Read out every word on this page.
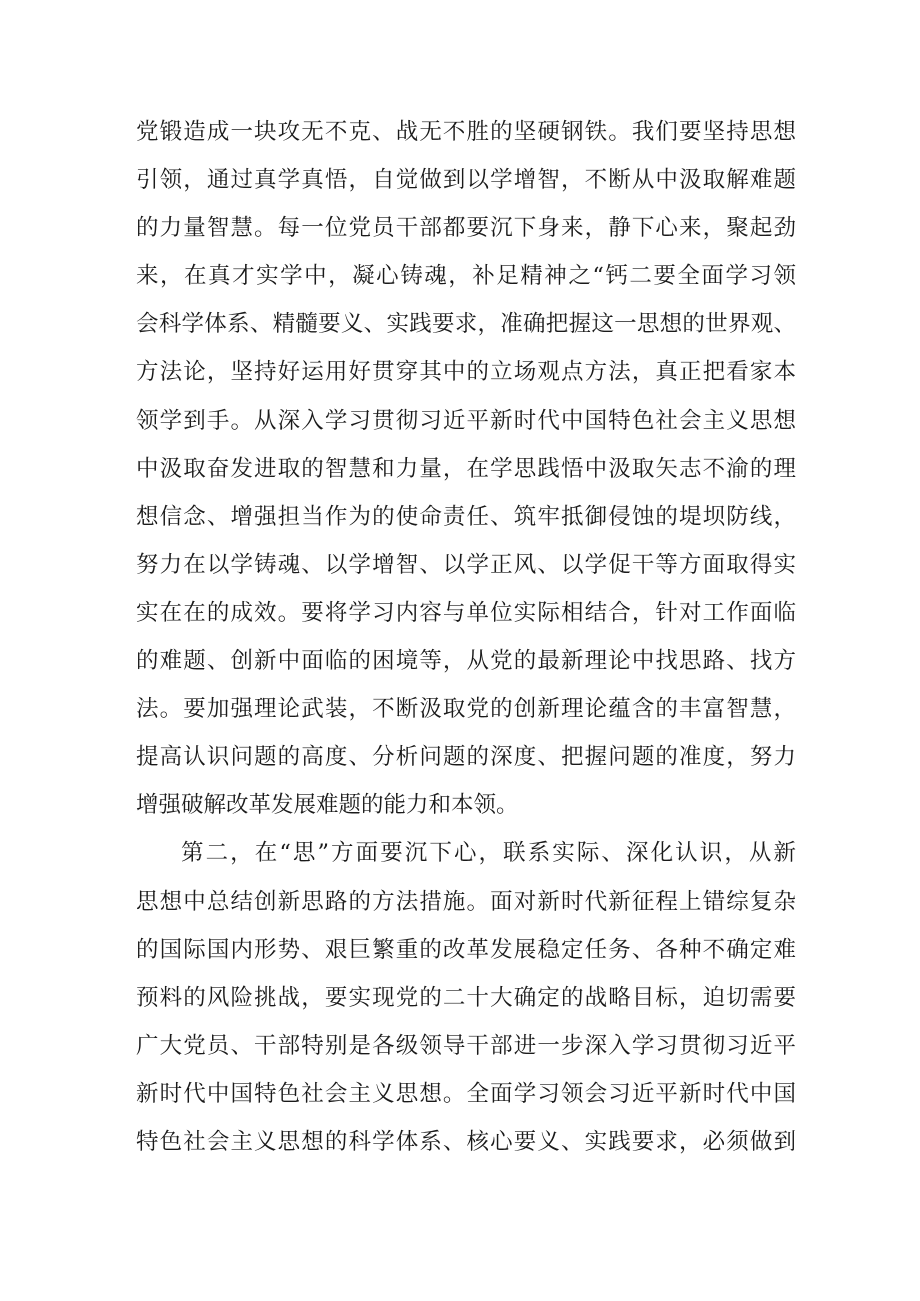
党锻造成一块攻无不克、战无不胜的坚硬钢铁。我们要坚持思想
引领，通过真学真悟，自觉做到以学增智，不断从中汲取解难题
的力量智慧。每一位党员干部都要沉下身来，静下心来，聚起劲
来，在真才实学中，凝心铸魂，补足精神之“钙二要全面学习领
会科学体系、精髓要义、实践要求，准确把握这一思想的世界观、
方法论，坚持好运用好贯穿其中的立场观点方法，真正把看家本
领学到手。从深入学习贯彻习近平新时代中国特色社会主义思想
中汲取奋发进取的智慧和力量，在学思践悟中汲取矢志不渝的理
想信念、增强担当作为的使命责任、筑牢抵御侵蚀的堤坝防线，
努力在以学铸魂、以学增智、以学正风、以学促干等方面取得实
实在在的成效。要将学习内容与单位实际相结合，针对工作面临
的难题、创新中面临的困境等，从党的最新理论中找思路、找方
法。要加强理论武装，不断汲取党的创新理论蕴含的丰富智慧，
提高认识问题的高度、分析问题的深度、把握问题的准度，努力
增强破解改革发展难题的能力和本领。
第二，在“思”方面要沉下心，联系实际、深化认识，从新
思想中总结创新思路的方法措施。面对新时代新征程上错综复杂
的国际国内形势、艰巨繁重的改革发展稳定任务、各种不确定难
预料的风险挑战，要实现党的二十大确定的战略目标，迫切需要
广大党员、干部特别是各级领导干部进一步深入学习贯彻习近平
新时代中国特色社会主义思想。全面学习领会习近平新时代中国
特色社会主义思想的科学体系、核心要义、实践要求，必须做到
